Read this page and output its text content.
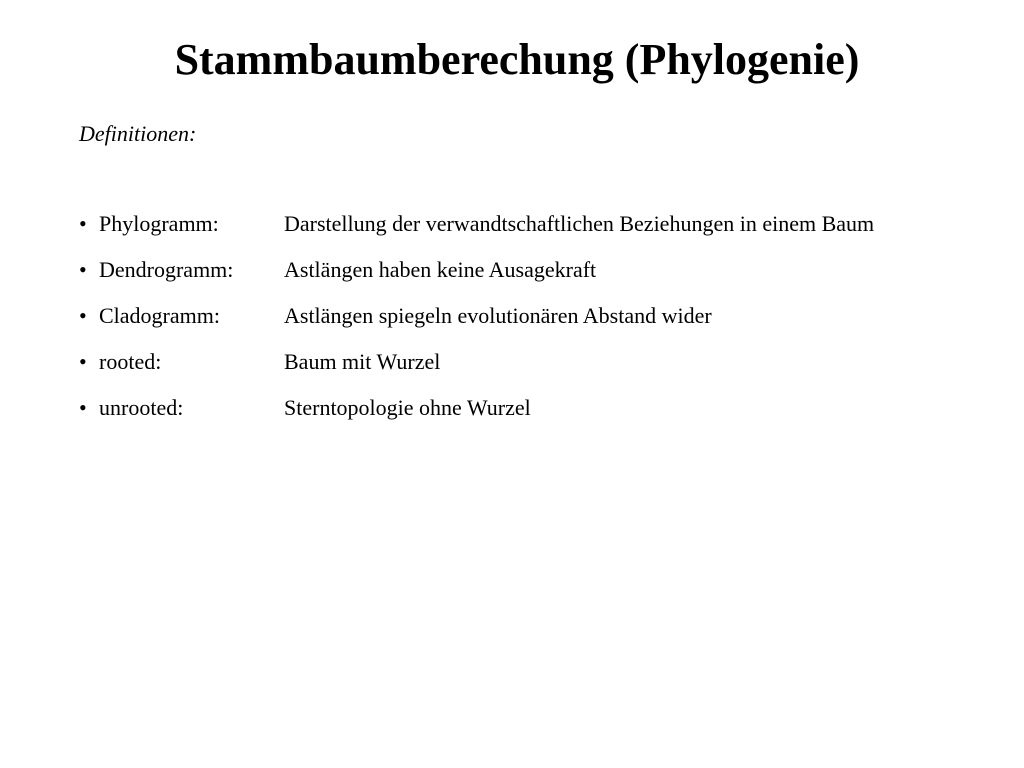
Stammbaumberechung (Phylogenie)
Definitionen:
• Phylogramm:	Darstellung der verwandtschaftlichen Beziehungen in einem Baum
• Dendrogramm: Astlängen haben keine Ausagekraft
• Cladogramm:	Astlängen spiegeln evolutionären Abstand wider
• rooted:	Baum mit Wurzel
• unrooted:	Sterntopologie ohne Wurzel
